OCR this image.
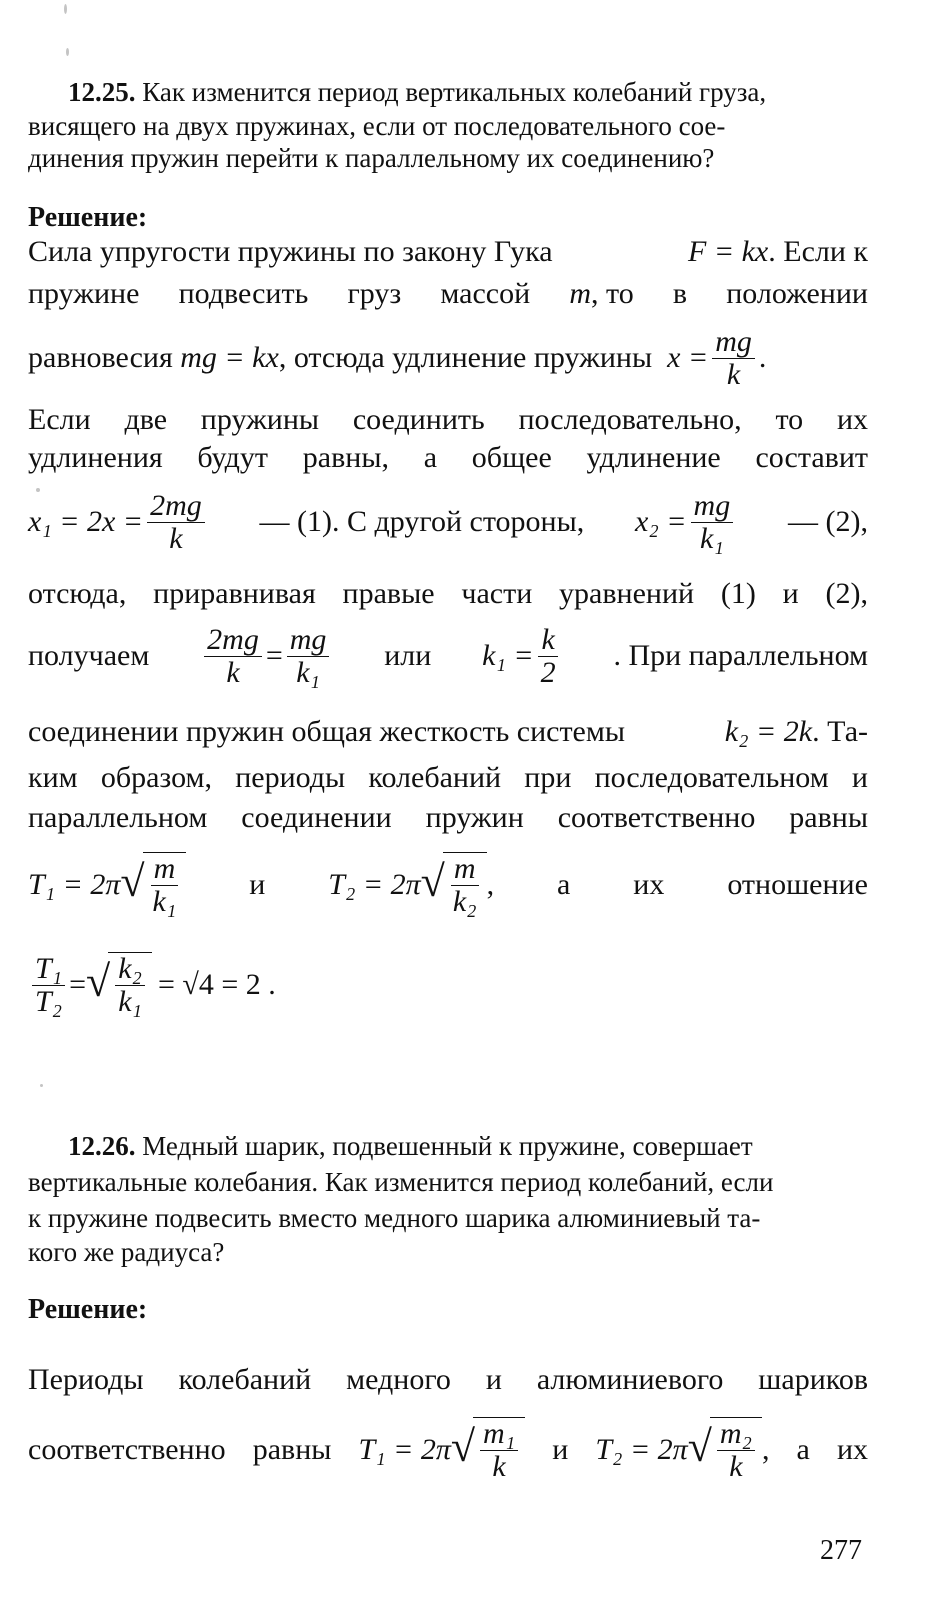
12.25. Как изменится период вертикальных колебаний груза,
висящего на двух пружинах, если от последовательного сое-
динения пружин перейти к параллельному их соединению?
Решение:
Сила упругости пружины по закону Гука	F = kx. Если к
пружине подвесить груз массой m, то в положении
равновесия
mg = kx , отсюда удлинение пружины
$x = \frac{mg}{k}$ .
Если две пружины соединить последовательно, то их
удлинения будут равны, а общее удлинение составит
$x_1 = 2x = \frac{2mg}{k}$ — (1). С другой стороны, $x_2 = \frac{mg}{\text{k₁}}$ — (2),
отсюда, приравнивая правые части уравнений (1) и (2),
получаем $\frac{2mg}{k} = \frac{mg}{\text{k₁}}$ или $k_1 = \frac{k}{2}$ . При параллельном
соединении пружин общая жесткость системы	k₂ = 2k. Та-
ким образом, периоды колебаний при последовательном и
параллельном соединении пружин соответственно равны
T₁ = 2π √ $\frac{m}{\text{k₁}}$ и T₂ = 2π √ $\frac{m}{\text{k₂}}$ , а их отношение
$\frac{\text{T₁}}{\text{T₂}}$ = √ $\frac{\text{k₂}}{\text{k₁}} = √4 = 2$ .
12.26. Медный шарик, подвешенный к пружине, совершает
вертикальные колебания. Как изменится период колебаний, если
к пружине подвесить вместо медного шарика алюминиевый та-
кого же радиуса?
Решение:
Периоды колебаний медного и алюминиевого шариков
соответственно равны T₁ = 2π √ $\frac{\text{m₁}}{k}$ и T₂ = 2π √ $\frac{\text{m₂}}{k}$ , а их
277
